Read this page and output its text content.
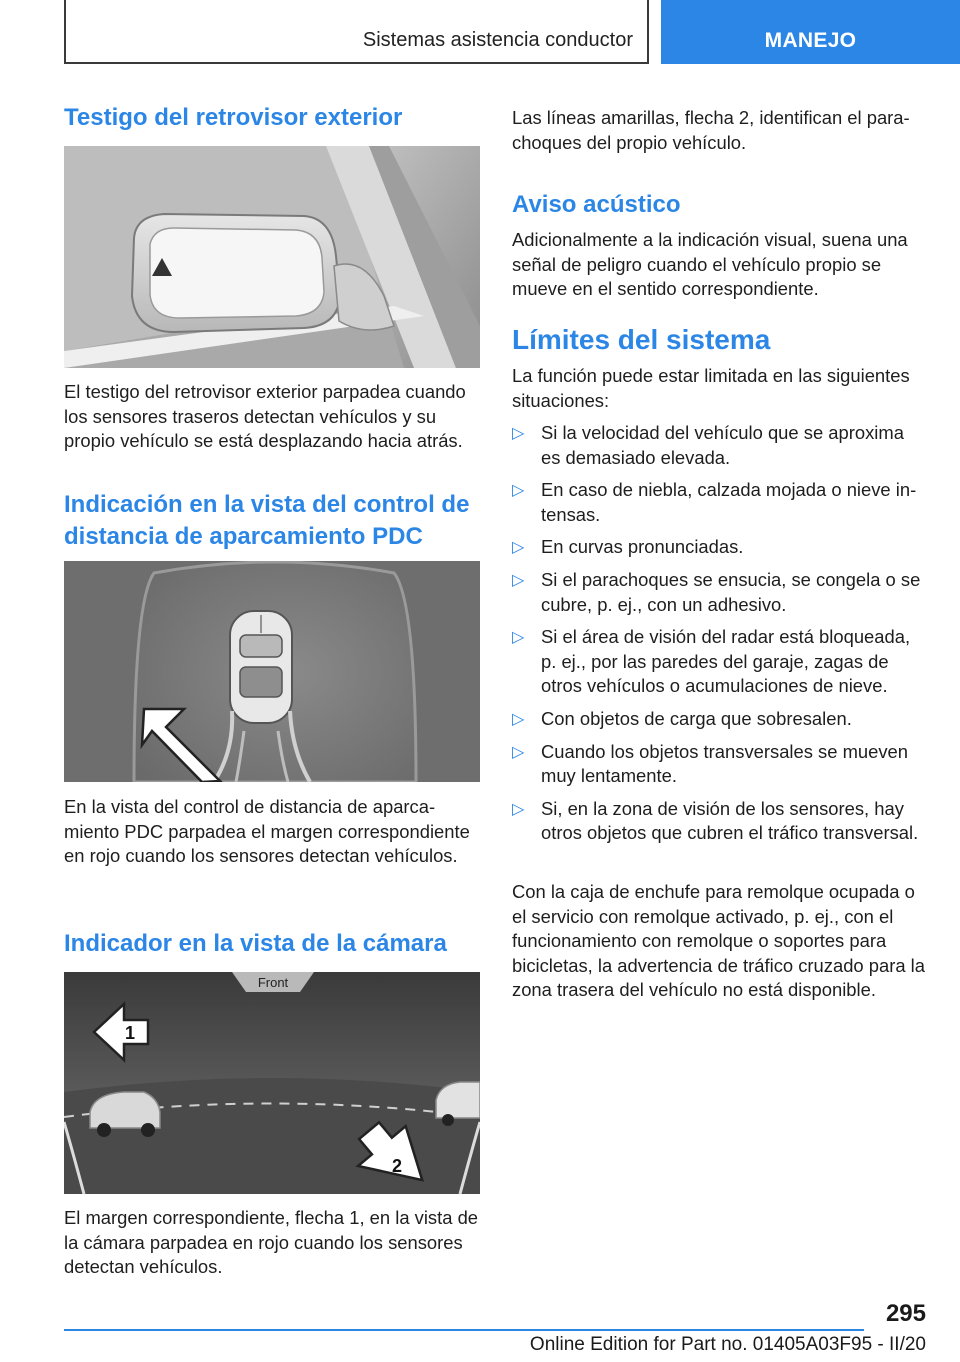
Sistemas asistencia conductor	MANEJO
Testigo del retrovisor exterior

El testigo del retrovisor exterior parpadea cuando los sensores traseros detectan vehículos y su propio vehículo se está desplazando hacia atrás.

Indicación en la vista del control de distancia de aparcamiento PDC

En la vista del control de distancia de aparcamiento PDC parpadea el margen correspondiente en rojo cuando los sensores detectan vehículos.

Indicador en la vista de la cámara
Front
1
2

El margen correspondiente, flecha 1, en la vista de la cámara parpadea en rojo cuando los sensores detectan vehículos.

Las líneas amarillas, flecha 2, identifican el parachoques del propio vehículo.

Aviso acústico

Adicionalmente a la indicación visual, suena una señal de peligro cuando el vehículo propio se mueve en el sentido correspondiente.

Límites del sistema

La función puede estar limitada en las siguientes situaciones:

▷ Si la velocidad del vehículo que se aproxima es demasiado elevada.
▷ En caso de niebla, calzada mojada o nieve intensas.
▷ En curvas pronunciadas.
▷ Si el parachoques se ensucia, se congela o se cubre, p. ej., con un adhesivo.
▷ Si el área de visión del radar está bloqueada, p. ej., por las paredes del garaje, zagas de otros vehículos o acumulaciones de nieve.
▷ Con objetos de carga que sobresalen.
▷ Cuando los objetos transversales se mueven muy lentamente.
▷ Si, en la zona de visión de los sensores, hay otros objetos que cubren el tráfico transversal.

Con la caja de enchufe para remolque ocupada o el servicio con remolque activado, p. ej., con el funcionamiento con remolque o soportes para bicicletas, la advertencia de tráfico cruzado para la zona trasera del vehículo no está disponible.

295
Online Edition for Part no. 01405A03F95 - II/20
